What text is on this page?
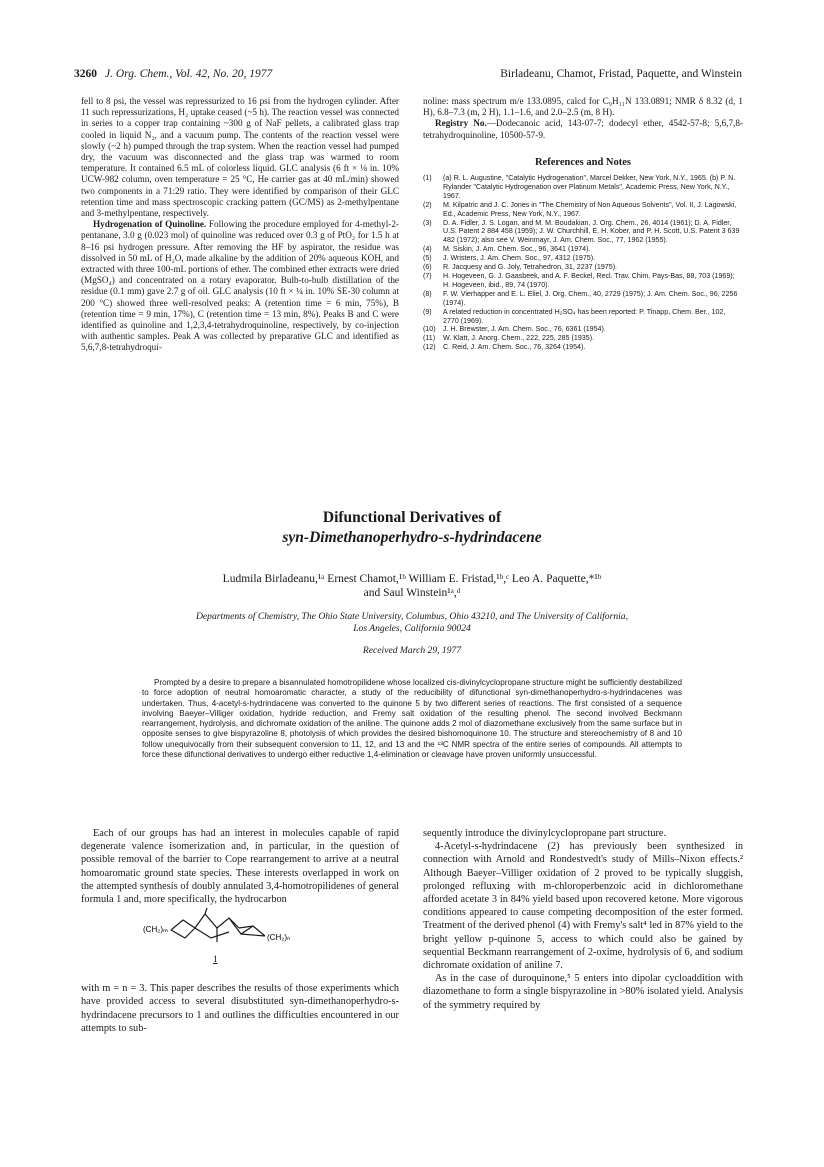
3260 J. Org. Chem., Vol. 42, No. 20, 1977	Birladeanu, Chamot, Fristad, Paquette, and Winstein

fell to 8 psi, the vessel was repressurized to 16 psi from the hydrogen cylinder. After 11 such repressurizations, H₂ uptake ceased (~5 h). The reaction vessel was connected in series to a copper trap containing ~300 g of NaF pellets, a calibrated glass trap cooled in liquid N₂, and a vacuum pump. The contents of the reaction vessel were slowly (~2 h) pumped through the trap system. When the reaction vessel had pumped dry, the vacuum was disconnected and the glass trap was warmed to room temperature. It contained 6.5 mL of colorless liquid. GLC analysis (6 ft × ⅛ in. 10% UCW-982 column, oven temperature = 25 °C, He carrier gas at 40 mL/min) showed two components in a 71:29 ratio. They were identified by comparison of their GLC retention time and mass spectroscopic cracking pattern (GC/MS) as 2-methylpentane and 3-methylpentane, respectively.

Hydrogenation of Quinoline. Following the procedure employed for 4-methyl-2-pentanane, 3.0 g (0.023 mol) of quinoline was reduced over 0.3 g of PtO₂ for 1.5 h at 8–16 psi hydrogen pressure. After removing the HF by aspirator, the residue was dissolved in 50 mL of H₂O, made alkaline by the addition of 20% aqueous KOH, and extracted with three 100-mL portions of ether. The combined ether extracts were dried (MgSO₄) and concentrated on a rotary evaporator. Bulb-to-bulb distillation of the residue (0.1 mm) gave 2.7 g of oil. GLC analysis (10 ft × ¼ in. 10% SE-30 column at 200 °C) showed three well-resolved peaks: A (retention time = 6 min, 75%), B (retention time = 9 min, 17%), C (retention time = 13 min, 8%). Peaks B and C were identified as quinoline and 1,2,3,4-tetrahydroquinoline, respectively, by co-injection with authentic samples. Peak A was collected by preparative GLC and identified as 5,6,7,8-tetrahydroqui-

noline: mass spectrum m/e 133.0895, calcd for C₉H₁₁N 133.0891; NMR δ 8.32 (d, 1 H), 6.8–7.3 (m, 2 H), 1.1–1.6, and 2.0–2.5 (m, 8 H).

Registry No.—Dodecanoic acid, 143-07-7; dodecyl ether, 4542-57-8; 5,6,7,8-tetrahydroquinoline, 10500-57-9.

References and Notes
(1)	(a) R. L. Augustine, "Catalytic Hydrogenation", Marcel Dekker, New York, N.Y., 1965. (b) P. N. Rylander "Catalytic Hydrogenation over Platinum Metals", Academic Press, New York, N.Y., 1967.
(2)	M. Kilpatric and J. C. Jones in "The Chemistry of Non Aqueous Solvents", Vol. II, J. Lagowski, Ed., Academic Press, New York, N.Y., 1967.
(3)	D. A. Fidler, J. S. Logan, and M. M. Boudakian, J. Org. Chem., 26, 4014 (1961); D. A. Fidler, U.S. Patent 2 884 458 (1959); J. W. Churchhill, E. H. Kober, and P. H. Scott, U.S. Patent 3 639 482 (1972); also see V. Weinmayr, J. Am. Chem. Soc., 77, 1962 (1955).
(4)	M. Siskin, J. Am. Chem. Soc., 96, 3641 (1974).
(5)	J. Wristers, J. Am. Chem. Soc., 97, 4312 (1975).
(6)	R. Jacquesy and G. Joly, Tetrahedron, 31, 2237 (1975).
(7)	H. Hogeveen, G. J. Gaasbeek, and A. F. Beckel, Recl. Trav. Chim. Pays-Bas, 88, 703 (1969); H. Hogeveen, ibid., 89, 74 (1970).
(8)	F. W. Vierhapper and E. L. Eliel, J. Org. Chem., 40, 2729 (1975); J. Am. Chem. Soc., 96, 2256 (1974).
(9)	A related reduction in concentrated H₂SO₄ has been reported: P. Tinapp, Chem. Ber., 102, 2770 (1969).
(10)	J. H. Brewster, J. Am. Chem. Soc., 76, 6361 (1954).
(11)	W. Klatt, J. Anorg. Chem., 222, 225, 285 (1935).
(12)	C. Reid, J. Am. Chem. Soc., 76, 3264 (1954).
Difunctional Derivatives of
syn-Dimethanoperhydro-s-hydrindacene
Ludmila Birladeanu,¹ᵃ Ernest Chamot,¹ᵇ William E. Fristad,¹ᵇ,ᶜ Leo A. Paquette,*¹ᵇ
and Saul Winstein¹ᵃ,ᵈ
Departments of Chemistry, The Ohio State University, Columbus, Ohio 43210, and The University of California,
Los Angeles, California 90024
Received March 29, 1977

Prompted by a desire to prepare a bisannulated homotropilidene whose localized cis-divinylcyclopropane structure might be sufficiently destabilized to force adoption of neutral homoaromatic character, a study of the reducibility of difunctional syn-dimethanoperhydro-s-hydrindacenes was undertaken. Thus, 4-acetyl-s-hydrindacene was converted to the quinone 5 by two different series of reactions. The first consisted of a sequence involving Baeyer–Villiger oxidation, hydride reduction, and Fremy salt oxidation of the resulting phenol. The second involved Beckmann rearrangement, hydrolysis, and dichromate oxidation of the aniline. The quinone adds 2 mol of diazomethane exclusively from the same surface but in opposite senses to give bispyrazoline 8, photolysis of which provides the desired bishomoquinone 10. The structure and stereochemistry of 8 and 10 follow unequivocally from their subsequent conversion to 11, 12, and 13 and the ¹³C NMR spectra of the entire series of compounds. All attempts to force these difunctional derivatives to undergo either reductive 1,4-elimination or cleavage have proven uniformly unsuccessful.

Each of our groups has had an interest in molecules capable of rapid degenerate valence isomerization and, in particular, in the question of possible removal of the barrier to Cope rearrangement to arrive at a neutral homoaromatic ground state species. These interests overlapped in work on the attempted synthesis of doubly annulated 3,4-homotropilidenes of general formula 1 and, more specifically, the hydrocarbon

(CH₂)ₘ
(CH₂)ₙ
1

with m = n = 3. This paper describes the results of those experiments which have provided access to several disubstituted syn-dimethanoperhydro-s-hydrindacene precursors to 1 and outlines the difficulties encountered in our attempts to sub-

sequently introduce the divinylcyclopropane part structure.

4-Acetyl-s-hydrindacene (2) has previously been synthesized in connection with Arnold and Rondestvedt's study of Mills–Nixon effects.² Although Baeyer–Villiger oxidation of 2 proved to be typically sluggish, prolonged refluxing with m-chloroperbenzoic acid in dichloromethane afforded acetate 3 in 84% yield based upon recovered ketone. More vigorous conditions appeared to cause competing decomposition of the ester formed. Treatment of the derived phenol (4) with Fremy's salt⁴ led in 87% yield to the bright yellow p-quinone 5, access to which could also be gained by sequential Beckmann rearrangement of 2-oxime, hydrolysis of 6, and sodium dichromate oxidation of aniline 7.

As in the case of duroquinone,⁵ 5 enters into dipolar cycloaddition with diazomethane to form a single bispyrazoline in >80% isolated yield. Analysis of the symmetry required by
